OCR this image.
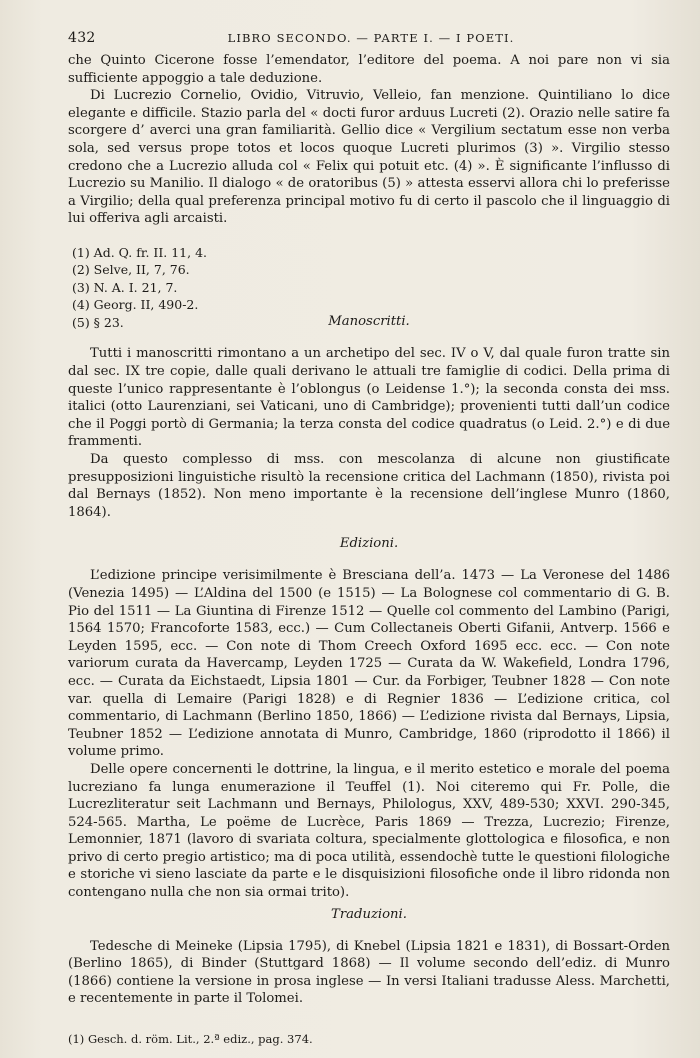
432	LIBRO SECONDO. — PARTE I. — I POETI.

che Quinto Cicerone fosse l’emendator, l’editore del poema. A noi pare non vi sia sufficiente appoggio a tale deduzione.

Di Lucrezio Cornelio, Ovidio, Vitruvio, Velleio, fan menzione. Quintiliano lo dice elegante e difficile. Stazio parla del « docti furor arduus Lucreti (2). Orazio nelle satire fa scorgere d’ averci una gran familiarità. Gellio dice « Vergilium sectatum esse non verba sola, sed versus prope totos et locos quoque Lucreti plurimos (3) ». Virgilio stesso credono che a Lucrezio alluda col « Felix qui potuit etc. (4) ». È significante l’influsso di Lucrezio su Manilio. Il dialogo « de oratoribus (5) » attesta esservi allora chi lo preferisse a Virgilio; della qual preferenza principal motivo fu di certo il pascolo che il linguaggio di lui offeriva agli arcaisti.

(1) Ad. Q. fr. II. 11, 4.
(2) Selve, II, 7, 76.
(3) N. A. I. 21, 7.
(4) Georg. II, 490-2.
(5) § 23.	Manoscritti.

Tutti i manoscritti rimontano a un archetipo del sec. IV o V, dal quale furon tratte sin dal sec. IX tre copie, dalle quali derivano le attuali tre famiglie di codici. Della prima di queste l’unico rappresentante è l’oblongus (o Leidense 1.°); la seconda consta dei mss. italici (otto Laurenziani, sei Vaticani, uno di Cambridge); provenienti tutti dall’un codice che il Poggi portò di Germania; la terza consta del codice quadratus (o Leid. 2.°) e di due frammenti.

Da questo complesso di mss. con mescolanza di alcune non giustificate presupposizioni linguistiche risultò la recensione critica del Lachmann (1850), rivista poi dal Bernays (1852). Non meno importante è la recensione dell’inglese Munro (1860, 1864).

Edizioni.

L’edizione principe verisimilmente è Bresciana dell’a. 1473 — La Veronese del 1486 (Venezia 1495) — L’Aldina del 1500 (e 1515) — La Bolognese col commentario di G. B. Pio del 1511 — La Giuntina di Firenze 1512 — Quelle col commento del Lambino (Parigi, 1564 1570; Francoforte 1583, ecc.) — Cum Collectaneis Oberti Gifanii, Antverp. 1566 e Leyden 1595, ecc. — Con note di Thom Creech Oxford 1695 ecc. ecc. — Con note variorum curata da Havercamp, Leyden 1725 — Curata da W. Wakefield, Londra 1796, ecc. — Curata da Eichstaedt, Lipsia 1801 — Cur. da Forbiger, Teubner 1828 — Con note var. quella di Lemaire (Parigi 1828) e di Regnier 1836 — L’edizione critica, col commentario, di Lachmann (Berlino 1850, 1866) — L’edizione rivista dal Bernays, Lipsia, Teubner 1852 — L’edizione annotata di Munro, Cambridge, 1860 (riprodotto il 1866) il volume primo.

Delle opere concernenti le dottrine, la lingua, e il merito estetico e morale del poema lucreziano fa lunga enumerazione il Teuffel (1). Noi citeremo qui Fr. Polle, die Lucrezliteratur seit Lachmann und Bernays, Philologus, XXV, 489-530; XXVI. 290-345, 524-565. Martha, Le poëme de Lucrèce, Paris 1869 — Trezza, Lucrezio; Firenze, Lemonnier, 1871 (lavoro di svariata coltura, specialmente glottologica e filosofica, e non privo di certo pregio artistico; ma di poca utilità, essendochè tutte le questioni filologiche e storiche vi sieno lasciate da parte e le disquisizioni filosofiche onde il libro ridonda non contengano nulla che non sia ormai trito).

Traduzioni.

Tedesche di Meineke (Lipsia 1795), di Knebel (Lipsia 1821 e 1831), di Bossart-Orden (Berlino 1865), di Binder (Stuttgard 1868) — Il volume secondo dell’ediz. di Munro (1866) contiene la versione in prosa inglese — In versi Italiani tradusse Aless. Marchetti, e recentemente in parte il Tolomei.

(1) Gesch. d. röm. Lit., 2.ª ediz., pag. 374.
